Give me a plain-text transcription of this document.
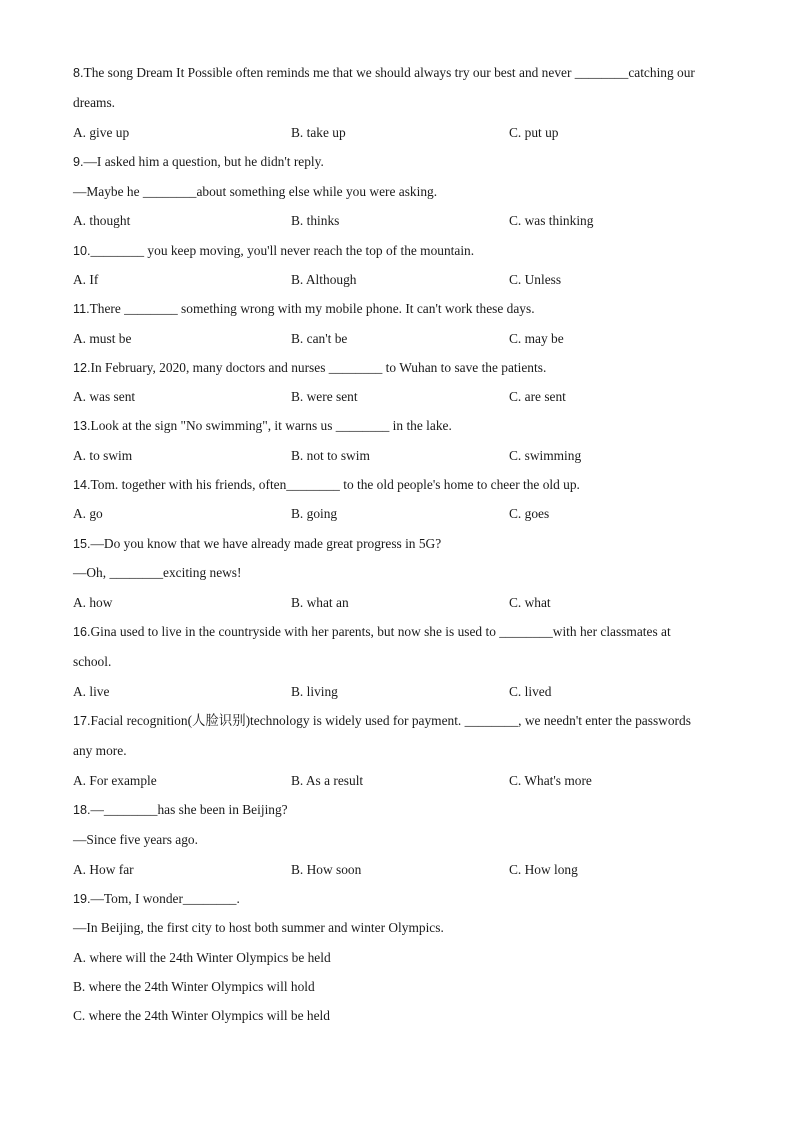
8.The song Dream It Possible often reminds me that we should always try our best and never ________catching our
dreams.
A. give up	B. take up	C. put up
9.—I asked him a question, but he didn't reply.
—Maybe he ________about something else while you were asking.
A. thought	B. thinks	C. was thinking
10.________ you keep moving, you'll never reach the top of the mountain.
A. If	B. Although	C. Unless
11.There ________ something wrong with my mobile phone. It can't work these days.
A. must be	B. can't be	C. may be
12.In February, 2020, many doctors and nurses ________ to Wuhan to save the patients.
A. was sent	B. were sent	C. are sent
13.Look at the sign "No swimming", it warns us ________ in the lake.
A. to swim	B. not to swim	C. swimming
14.Tom. together with his friends, often________ to the old people's home to cheer the old up.
A. go	B. going	C. goes
15.—Do you know that we have already made great progress in 5G?
—Oh, ________exciting news!
A. how	B. what an	C. what
16.Gina used to live in the countryside with her parents, but now she is used to ________with her classmates at
school.
A. live	B. living	C. lived
17.Facial recognition(人脸识别)technology is widely used for payment. ________, we needn't enter the passwords
any more.
A. For example	B. As a result	C. What's more
18.—________has she been in Beijing?
—Since five years ago.
A. How far	B. How soon	C. How long
19.—Tom, I wonder________.
—In Beijing, the first city to host both summer and winter Olympics.
A. where will the 24th Winter Olympics be held
B. where the 24th Winter Olympics will hold
C. where the 24th Winter Olympics will be held
